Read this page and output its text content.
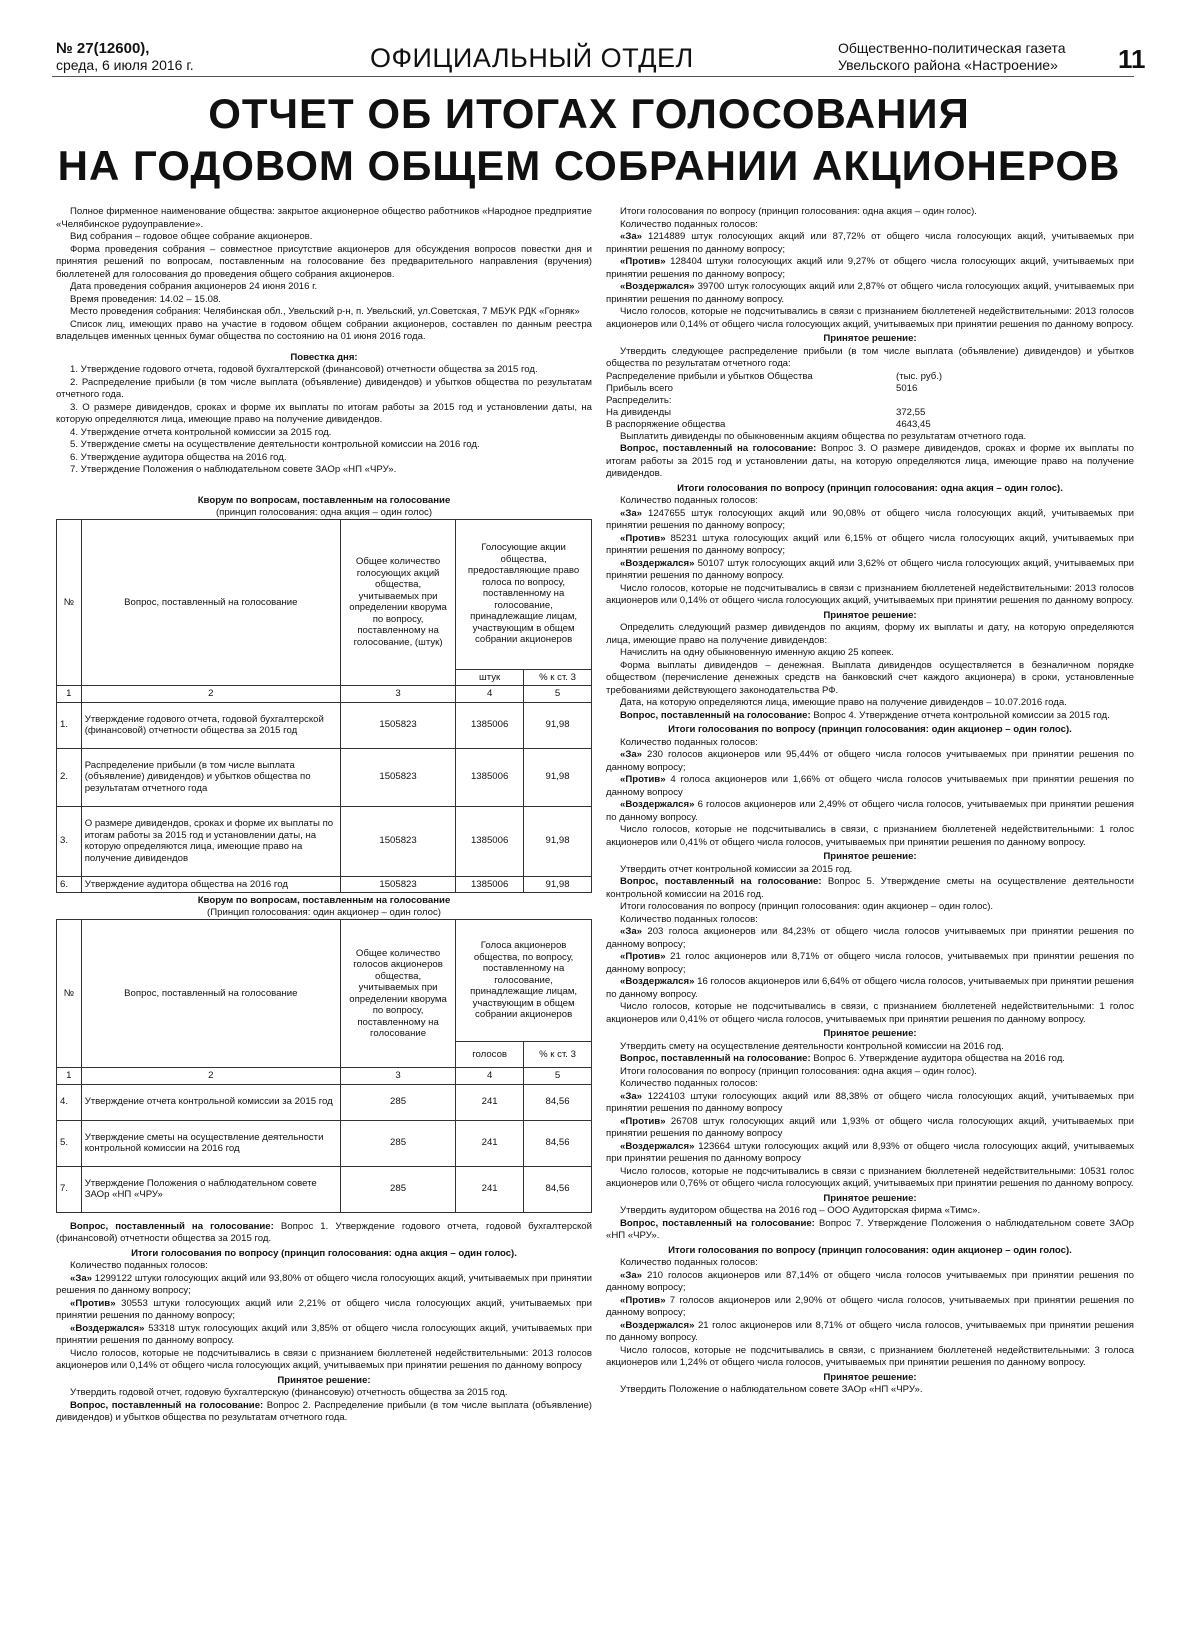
№ 27(12600),
среда, 6 июля 2016 г.	ОФИЦИАЛЬНЫЙ ОТДЕЛ	Общественно-политическая газета
Увельского района «Настроение»	11
ОТЧЕТ ОБ ИТОГАХ ГОЛОСОВАНИЯ
НА ГОДОВОМ ОБЩЕМ СОБРАНИИ АКЦИОНЕРОВ

Полное фирменное наименование общества: закрытое акционерное общество работников «Народное предприятие «Челябинское рудоуправление».

Вид собрания – годовое общее собрание акционеров.

Форма проведения собрания – совместное присутствие акционеров для обсуждения вопросов повестки дня и принятия решений по вопросам, поставленным на голосование без предварительного направления (вручения) бюллетеней для голосования до проведения общего собрания акционеров.

Дата проведения собрания акционеров 24 июня 2016 г.

Время проведения: 14.02 – 15.08.

Место проведения собрания: Челябинская обл., Увельский р-н, п. Увельский, ул.Советская, 7 МБУК РДК «Горняк»

Список лиц, имеющих право на участие в годовом общем собрании акционеров, составлен по данным реестра владельцев именных ценных бумаг общества по состоянию на 01 июня 2016 года.

Повестка дня:

1. Утверждение годового отчета, годовой бухгалтерской (финансовой) отчетности общества за 2015 год.

2. Распределение прибыли (в том числе выплата (объявление) дивидендов) и убытков общества по результатам отчетного года.

3. О размере дивидендов, сроках и форме их выплаты по итогам работы за 2015 год и установлении даты, на которую определяются лица, имеющие право на получение дивидендов.

4. Утверждение отчета контрольной комиссии за 2015 год.

5. Утверждение сметы на осуществление деятельности контрольной комиссии на 2016 год.

6. Утверждение аудитора общества на 2016 год.

7. Утверждение Положения о наблюдательном совете ЗАОр «НП «ЧРУ».

Кворум по вопросам, поставленным на голосование
(принцип голосования: одна акция – один голос)
№	Вопрос, поставленный на голосование	Общее количество голосующих акций общества, учитываемых при определении кворума по вопросу, поставленному на голосование, (штук)	Голосующие акции общества, предоставляющие право голоса по вопросу, поставленному на голосование, принадлежащие лицам, участвующим в общем собрании акционеров	
			штук	% к ст. 3
1	2	3	4	5
1.	Утверждение годового отчета, годовой бухгалтерской (финансовой) отчетности общества за 2015 год	1505823	1385006	91,98
2.	Распределение прибыли (в том числе выплата (объявление) дивидендов) и убытков общества по результатам отчетного года	1505823	1385006	91,98
3.	О размере дивидендов, сроках и форме их выплаты по итогам работы за 2015 год и установлении даты, на которую определяются лица, имеющие право на получение дивидендов	1505823	1385006	91,98
6.	Утверждение аудитора общества на 2016 год	1505823	1385006	91,98
Кворум по вопросам, поставленным на голосование
(Принцип голосования: один акционер – один голос)
№	Вопрос, поставленный на голосование	Общее количество голосов акционеров общества, учитываемых при определении кворума по вопросу, поставленному на голосование	Голоса акционеров общества, по вопросу, поставленному на голосование, принадлежащие лицам, участвующим в общем собрании акционеров	
			голосов	% к ст. 3
1	2	3	4	5
4.	Утверждение отчета контрольной комиссии за 2015 год	285	241	84,56
5.	Утверждение сметы на осуществление деятельности контрольной комиссии на 2016 год	285	241	84,56
7.	Утверждение Положения о наблюдательном совете ЗАОр «НП «ЧРУ»	285	241	84,56

Вопрос, поставленный на голосование: Вопрос 1. Утверждение годового отчета, годовой бухгалтерской (финансовой) отчетности общества за 2015 год.

Итоги голосования по вопросу (принцип голосования: одна акция – один голос).

Количество поданных голосов:

«За» 1299122 штуки голосующих акций или 93,80% от общего числа голосующих акций, учитываемых при принятии решения по данному вопросу;

«Против» 30553 штуки голосующих акций или 2,21% от общего числа голосующих акций, учитываемых при принятии решения по данному вопросу;

«Воздержался» 53318 штук голосующих акций или 3,85% от общего числа голосующих акций, учитываемых при принятии решения по данному вопросу.

Число голосов, которые не подсчитывались в связи с признанием бюллетеней недействительными: 2013 голосов акционеров или 0,14% от общего числа голосующих акций, учитываемых при принятии решения по данному вопросу

Принятое решение:

Утвердить годовой отчет, годовую бухгалтерскую (финансовую) отчетность общества за 2015 год.

Вопрос, поставленный на голосование: Вопрос 2. Распределение прибыли (в том числе выплата (объявление) дивидендов) и убытков общества по результатам отчетного года.

Итоги голосования по вопросу (принцип голосования: одна акция – один голос).

Количество поданных голосов:

«За» 1214889 штук голосующих акций или 87,72% от общего числа голосующих акций, учитываемых при принятии решения по данному вопросу;

«Против» 128404 штуки голосующих акций или 9,27% от общего числа голосующих акций, учитываемых при принятии решения по данному вопросу;

«Воздержался» 39700 штук голосующих акций или 2,87% от общего числа голосующих акций, учитываемых при принятии решения по данному вопросу.

Число голосов, которые не подсчитывались в связи с признанием бюллетеней недействительными: 2013 голосов акционеров или 0,14% от общего числа голосующих акций, учитываемых при принятии решения по данному вопросу.

Принятое решение:

Утвердить следующее распределение прибыли (в том числе выплата (объявление) дивидендов) и убытков общества по результатам отчетного года:

Распределение прибыли и убытков Общества	(тыс. руб.)
Прибыль всего	5016
Распределить:
На дивиденды	372,55
В распоряжение общества	4643,45

Выплатить дивиденды по обыкновенным акциям общества по результатам отчетного года.

Вопрос, поставленный на голосование: Вопрос 3. О размере дивидендов, сроках и форме их выплаты по итогам работы за 2015 год и установлении даты, на которую определяются лица, имеющие право на получение дивидендов.

Итоги голосования по вопросу (принцип голосования: одна акция – один голос).

Количество поданных голосов:

«За» 1247655 штук голосующих акций или 90,08% от общего числа голосующих акций, учитываемых при принятии решения по данному вопросу;

«Против» 85231 штука голосующих акций или 6,15% от общего числа голосующих акций, учитываемых при принятии решения по данному вопросу;

«Воздержался» 50107 штук голосующих акций или 3,62% от общего числа голосующих акций, учитываемых при принятии решения по данному вопросу.

Число голосов, которые не подсчитывались в связи с признанием бюллетеней недействительными: 2013 голосов акционеров или 0,14% от общего числа голосующих акций, учитываемых при принятии решения по данному вопросу.

Принятое решение:

Определить следующий размер дивидендов по акциям, форму их выплаты и дату, на которую определяются лица, имеющие право на получение дивидендов:

Начислить на одну обыкновенную именную акцию 25 копеек.

Форма выплаты дивидендов – денежная. Выплата дивидендов осуществляется в безналичном порядке обществом (перечисление денежных средств на банковский счет каждого акционера) в сроки, установленные требованиями действующего законодательства РФ.

Дата, на которую определяются лица, имеющие право на получение дивидендов – 10.07.2016 года.

Вопрос, поставленный на голосование: Вопрос 4. Утверждение отчета контрольной комиссии за 2015 год.

Итоги голосования по вопросу (принцип голосования: один акционер – один голос).

Количество поданных голосов:

«За» 230 голосов акционеров или 95,44% от общего числа голосов учитываемых при принятии решения по данному вопросу;

«Против» 4 голоса акционеров или 1,66% от общего числа голосов учитываемых при принятии решения по данному вопросу

«Воздержался» 6 голосов акционеров или 2,49% от общего числа голосов, учитываемых при принятии решения по данному вопросу.

Число голосов, которые не подсчитывались в связи, с признанием бюллетеней недействительными: 1 голос акционеров или 0,41% от общего числа голосов, учитываемых при принятии решения по данному вопросу.

Принятое решение:

Утвердить отчет контрольной комиссии за 2015 год.

Вопрос, поставленный на голосование: Вопрос 5. Утверждение сметы на осуществление деятельности контрольной комиссии на 2016 год.

Итоги голосования по вопросу (принцип голосования: один акционер – один голос).

Количество поданных голосов:

«За» 203 голоса акционеров или 84,23% от общего числа голосов учитываемых при принятии решения по данному вопросу;

«Против» 21 голос акционеров или 8,71% от общего числа голосов, учитываемых при принятии решения по данному вопросу;

«Воздержался» 16 голосов акционеров или 6,64% от общего числа голосов, учитываемых при принятии решения по данному вопросу.

Число голосов, которые не подсчитывались в связи, с признанием бюллетеней недействительными: 1 голос акционеров или 0,41% от общего числа голосов, учитываемых при принятии решения по данному вопросу.

Принятое решение:

Утвердить смету на осуществление деятельности контрольной комиссии на 2016 год.

Вопрос, поставленный на голосование: Вопрос 6. Утверждение аудитора общества на 2016 год.

Итоги голосования по вопросу (принцип голосования: одна акция – один голос).

Количество поданных голосов:

«За» 1224103 штуки голосующих акций или 88,38% от общего числа голосующих акций, учитываемых при принятии решения по данному вопросу

«Против» 26708 штук голосующих акций или 1,93% от общего числа голосующих акций, учитываемых при принятии решения по данному вопросу

«Воздержался» 123664 штуки голосующих акций или 8,93% от общего числа голосующих акций, учитываемых при принятии решения по данному вопросу

Число голосов, которые не подсчитывались в связи с признанием бюллетеней недействительными: 10531 голос акционеров или 0,76% от общего числа голосующих акций, учитываемых при принятии решения по данному вопросу.

Принятое решение:

Утвердить аудитором общества на 2016 год – ООО Аудиторская фирма «Тимс».

Вопрос, поставленный на голосование: Вопрос 7. Утверждение Положения о наблюдательном совете ЗАОр «НП «ЧРУ».

Итоги голосования по вопросу (принцип голосования: один акционер – один голос).

Количество поданных голосов:

«За» 210 голосов акционеров или 87,14% от общего числа голосов учитываемых при принятии решения по данному вопросу;

«Против» 7 голосов акционеров или 2,90% от общего числа голосов, учитываемых при принятии решения по данному вопросу;

«Воздержался» 21 голос акционеров или 8,71% от общего числа голосов, учитываемых при принятии решения по данному вопросу.

Число голосов, которые не подсчитывались в связи, с признанием бюллетеней недействительными: 3 голоса акционеров или 1,24% от общего числа голосов, учитываемых при принятии решения по данному вопросу.

Принятое решение:

Утвердить Положение о наблюдательном совете ЗАОр «НП «ЧРУ».
